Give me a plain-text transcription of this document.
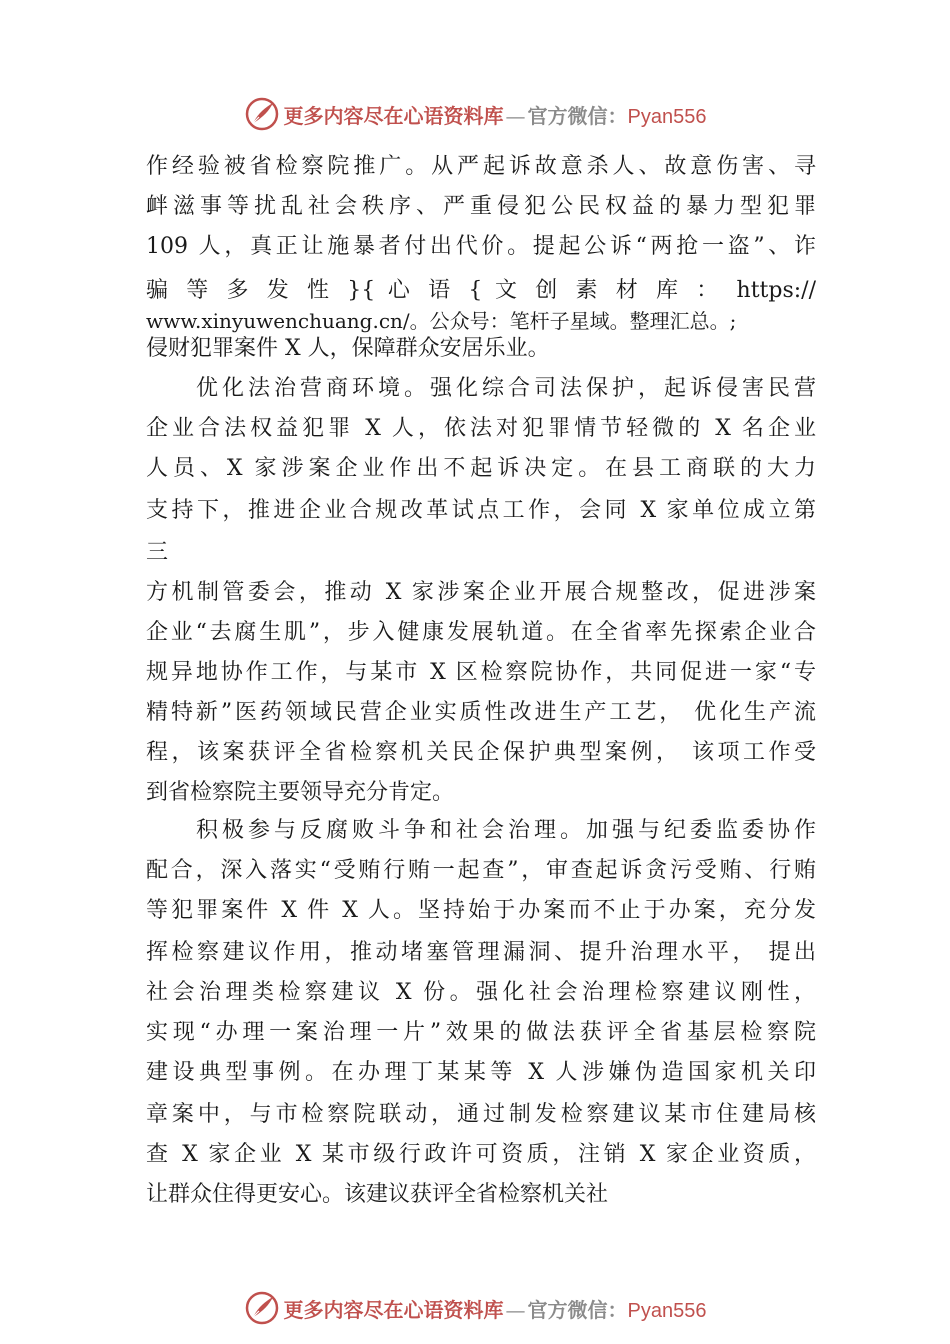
更多内容尽在心语资料库 — 官方微信：Pyan556
作经验被省检察院推广。从严起诉故意杀人、故意伤害、寻
衅滋事等扰乱社会秩序、严重侵犯公民权益的暴力型犯罪
109 人，真正让施暴者付出代价。提起公诉“两抢一盗”、诈
骗 等 多 发 性 }{ 心 语 { 文 创 素 材 库 ： https://
www.xinyuwenchuang.cn/。公众号：笔杆子星域。整理汇总。;
侵财犯罪案件 X 人，保障群众安居乐业。
优化法治营商环境。强化综合司法保护，起诉侵害民营
企业合法权益犯罪 X 人，依法对犯罪情节轻微的 X 名企业
人员、X 家涉案企业作出不起诉决定。在县工商联的大力
支持下，推进企业合规改革试点工作，会同 X 家单位成立第
三
方机制管委会，推动 X 家涉案企业开展合规整改，促进涉案
企业“去腐生肌”，步入健康发展轨道。在全省率先探索企业合
规异地协作工作，与某市 X 区检察院协作，共同促进一家“专
精特新”医药领域民营企业实质性改进生产工艺， 优化生产流
程，该案获评全省检察机关民企保护典型案例， 该项工作受
到省检察院主要领导充分肯定。
积极参与反腐败斗争和社会治理。加强与纪委监委协作
配合，深入落实“受贿行贿一起查”，审查起诉贪污受贿、行贿
等犯罪案件 X 件 X 人。坚持始于办案而不止于办案，充分发
挥检察建议作用，推动堵塞管理漏洞、提升治理水平， 提出
社会治理类检察建议 X 份。强化社会治理检察建议刚性，
实现“办理一案治理一片”效果的做法获评全省基层检察院
建设典型事例。在办理丁某某等 X 人涉嫌伪造国家机关印
章案中，与市检察院联动，通过制发检察建议某市住建局核
查 X 家企业 X 某市级行政许可资质，注销 X 家企业资质，
让群众住得更安心。该建议获评全省检察机关社
更多内容尽在心语资料库 — 官方微信：Pyan556
